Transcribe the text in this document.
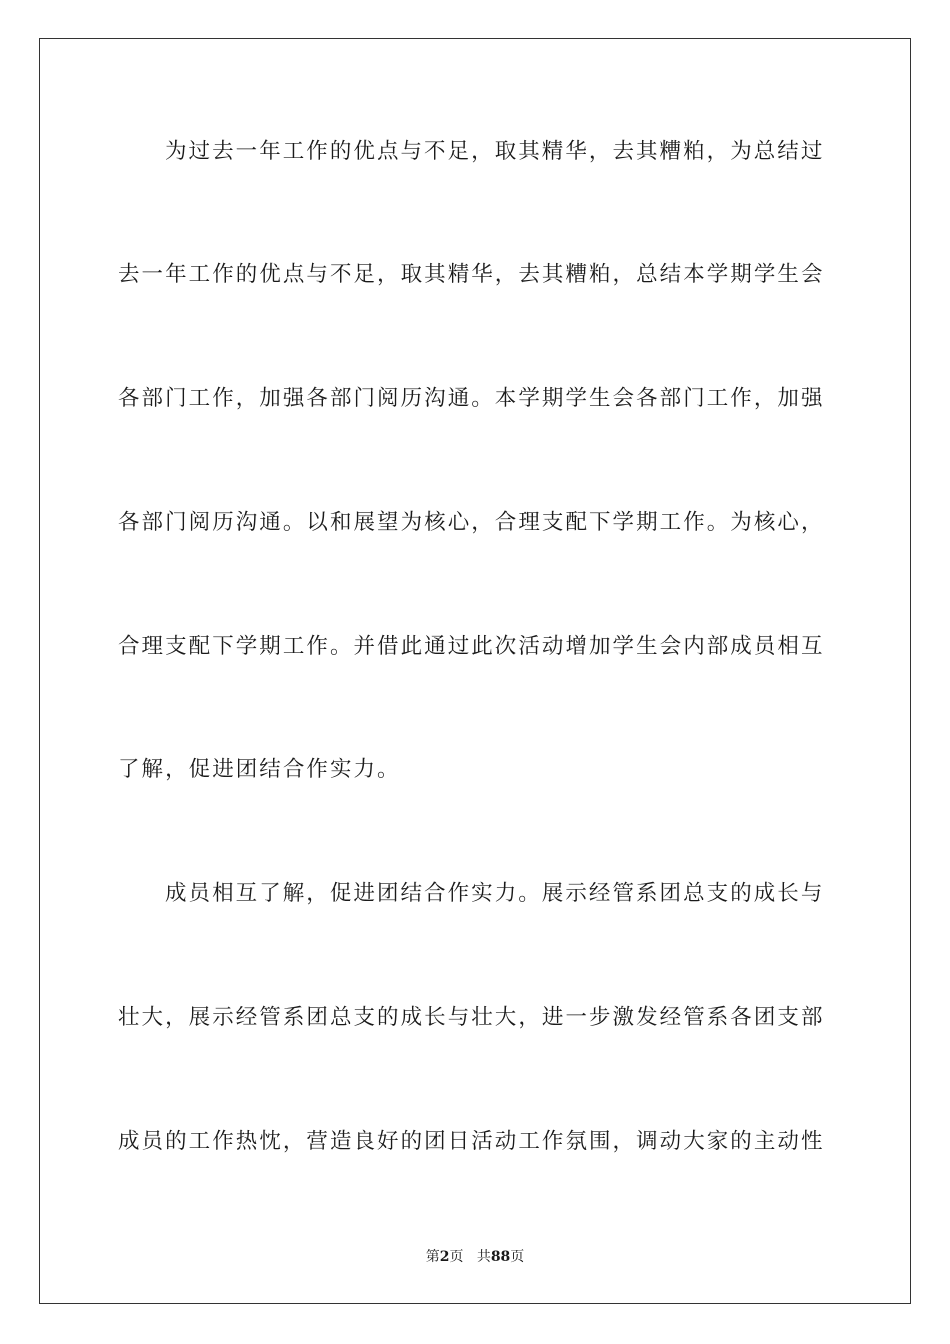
为过去一年工作的优点与不足，取其精华，去其糟粕，为总结过
去一年工作的优点与不足，取其精华，去其糟粕，总结本学期学生会
各部门工作，加强各部门阅历沟通。本学期学生会各部门工作，加强
各部门阅历沟通。以和展望为核心，合理支配下学期工作。为核心，
合理支配下学期工作。并借此通过此次活动增加学生会内部成员相互
了解，促进团结合作实力。
成员相互了解，促进团结合作实力。展示经管系团总支的成长与
壮大，展示经管系团总支的成长与壮大，进一步激发经管系各团支部
成员的工作热忱，营造良好的团日活动工作氛围，调动大家的主动性
第2页 共88页
